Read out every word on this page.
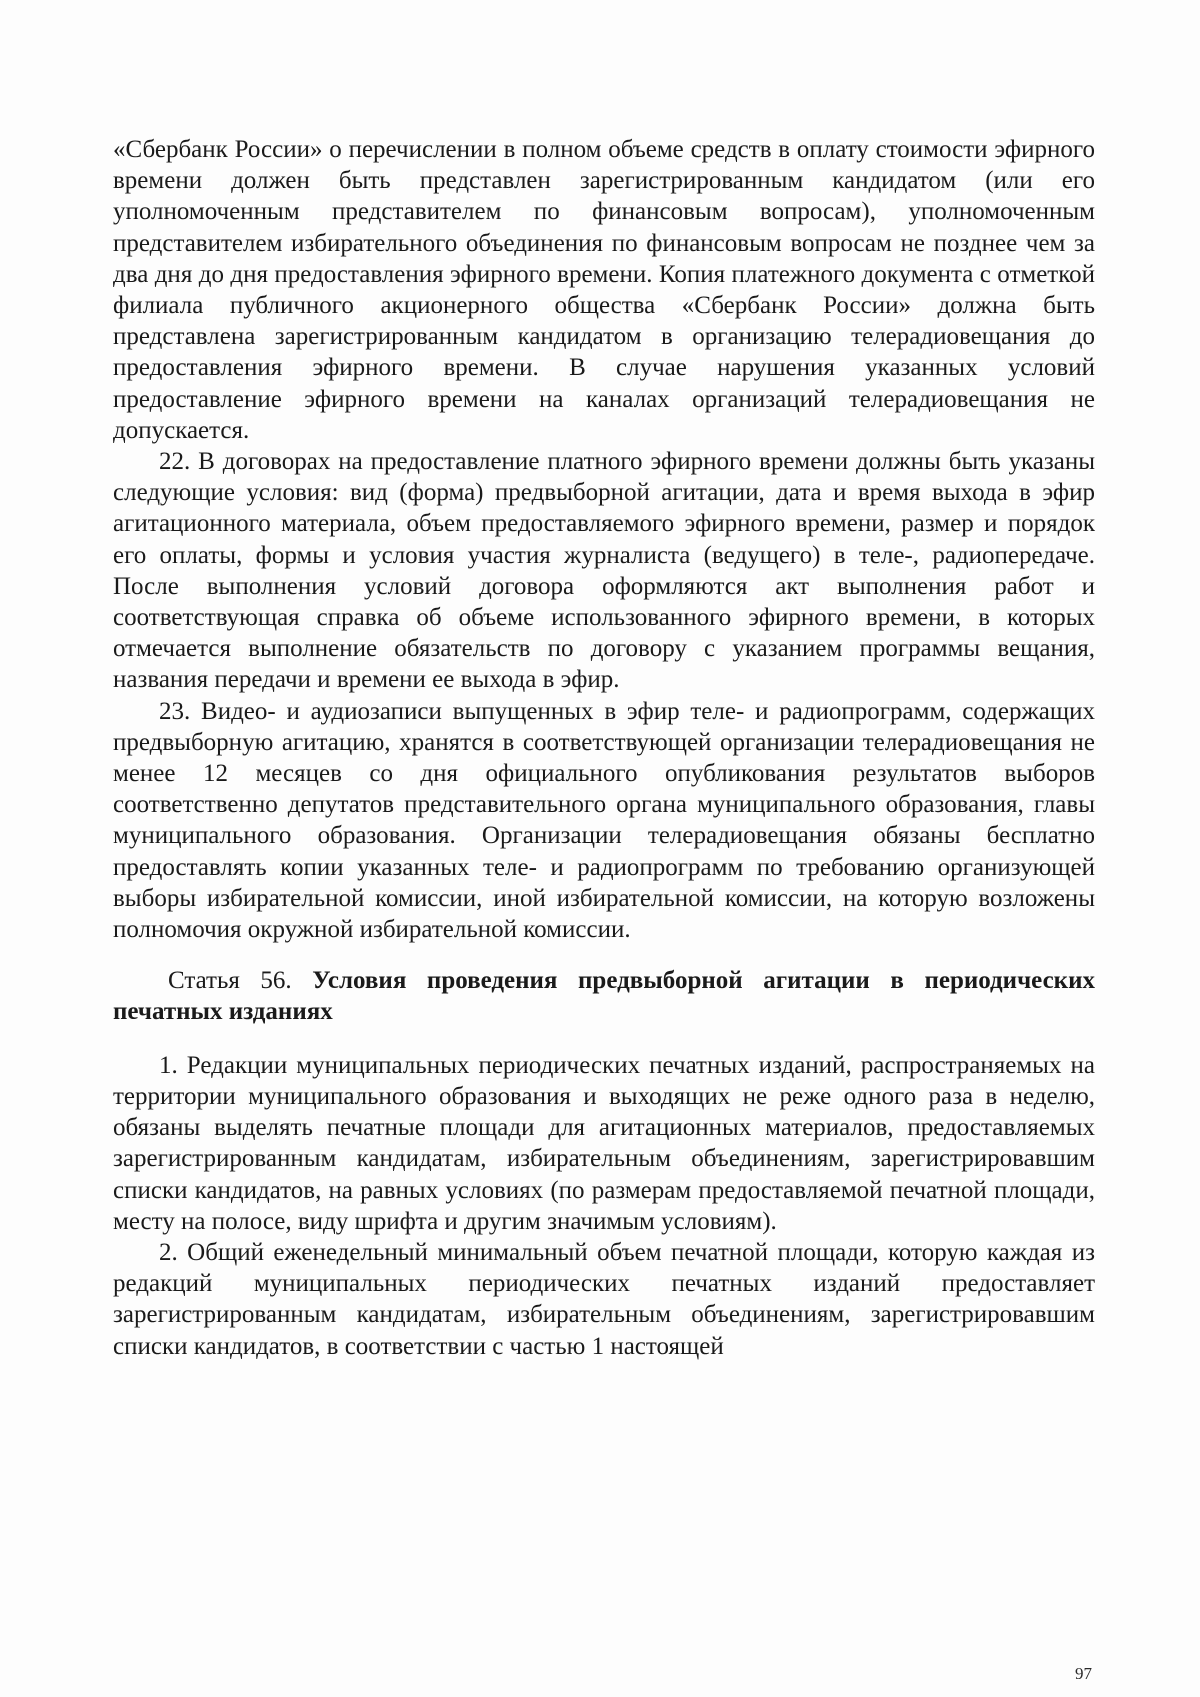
«Сбербанк России» о перечислении в полном объеме средств в оплату стоимости эфирного времени должен быть представлен зарегистрированным кандидатом (или его уполномоченным представителем по финансовым вопросам), уполномоченным представителем избирательного объединения по финансовым вопросам не позднее чем за два дня до дня предоставления эфирного времени. Копия платежного документа с отметкой филиала публичного акционерного общества «Сбербанк России» должна быть представлена зарегистрированным кандидатом в организацию телерадиовещания до предоставления эфирного времени. В случае нарушения указанных условий предоставление эфирного времени на каналах организаций телерадиовещания не допускается.

22. В договорах на предоставление платного эфирного времени должны быть указаны следующие условия: вид (форма) предвыборной агитации, дата и время выхода в эфир агитационного материала, объем предоставляемого эфирного времени, размер и порядок его оплаты, формы и условия участия журналиста (ведущего) в теле-, радиопередаче. После выполнения условий договора оформляются акт выполнения работ и соответствующая справка об объеме использованного эфирного времени, в которых отмечается выполнение обязательств по договору с указанием программы вещания, названия передачи и времени ее выхода в эфир.

23. Видео- и аудиозаписи выпущенных в эфир теле- и радиопрограмм, содержащих предвыборную агитацию, хранятся в соответствующей организации телерадиовещания не менее 12 месяцев со дня официального опубликования результатов выборов соответственно депутатов представительного органа муниципального образования, главы муниципального образования. Организации телерадиовещания обязаны бесплатно предоставлять копии указанных теле- и радиопрограмм по требованию организующей выборы избирательной комиссии, иной избирательной комиссии, на которую возложены полномочия окружной избирательной комиссии.

Статья 56. Условия проведения предвыборной агитации в периодических печатных изданиях

1. Редакции муниципальных периодических печатных изданий, распространяемых на территории муниципального образования и выходящих не реже одного раза в неделю, обязаны выделять печатные площади для агитационных материалов, предоставляемых зарегистрированным кандидатам, избирательным объединениям, зарегистрировавшим списки кандидатов, на равных условиях (по размерам предоставляемой печатной площади, месту на полосе, виду шрифта и другим значимым условиям).

2. Общий еженедельный минимальный объем печатной площади, которую каждая из редакций муниципальных периодических печатных изданий предоставляет зарегистрированным кандидатам, избирательным объединениям, зарегистрировавшим списки кандидатов, в соответствии с частью 1 настоящей

97
